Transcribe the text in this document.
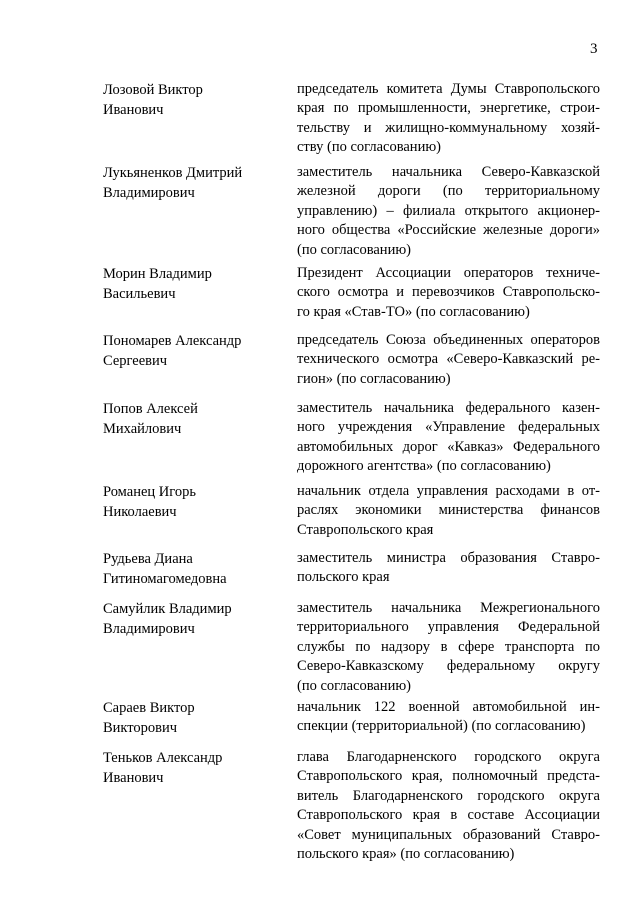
3
Лозовой Виктор
Иванович
председатель комитета Думы Ставропольского
края по промышленности, энергетике, строи-
тельству и жилищно-коммунальному хозяй-
ству (по согласованию)
Лукьяненков Дмитрий
Владимирович
заместитель начальника Северо-Кавказской
железной дороги (по территориальному
управлению) – филиала открытого акционер-
ного общества «Российские железные дороги»
(по согласованию)
Морин Владимир
Васильевич
Президент Ассоциации операторов техниче-
ского осмотра и перевозчиков Ставропольско-
го края «Став-ТО» (по согласованию)
Пономарев Александр
Сергеевич
председатель Союза объединенных операторов
технического осмотра «Северо-Кавказский ре-
гион» (по согласованию)
Попов Алексей
Михайлович
заместитель начальника федерального казен-
ного учреждения «Управление федеральных
автомобильных дорог «Кавказ» Федерального
дорожного агентства» (по согласованию)
Романец Игорь
Николаевич
начальник отдела управления расходами в от-
раслях экономики министерства финансов
Ставропольского края
Рудьева Диана
Гитиномагомедовна
заместитель министра образования Ставро-
польского края
Самуйлик Владимир
Владимирович
заместитель начальника Межрегионального
территориального управления Федеральной
службы по надзору в сфере транспорта по
Северо-Кавказскому федеральному округу
(по согласованию)
Сараев Виктор
Викторович
начальник 122 военной автомобильной ин-
спекции (территориальной) (по согласованию)
Теньков Александр
Иванович
глава Благодарненского городского округа
Ставропольского края, полномочный предста-
витель Благодарненского городского округа
Ставропольского края в составе Ассоциации
«Совет муниципальных образований Ставро-
польского края» (по согласованию)
